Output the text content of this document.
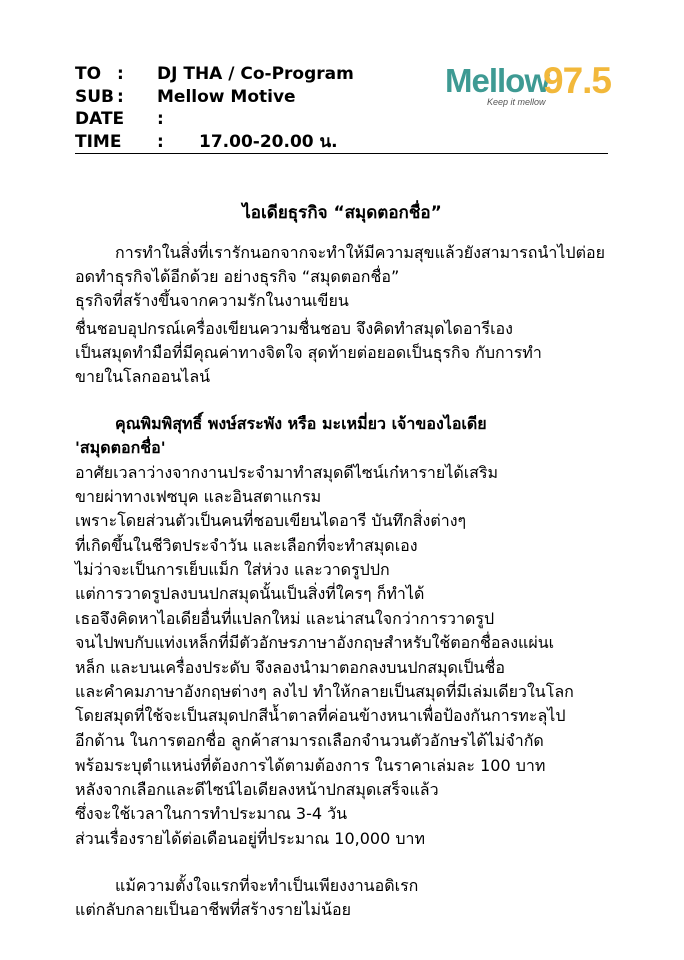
TO : DJ THA / Co-Program
SUB : Mellow Motive
DATE :
TIME : 17.00-20.00 น.
Mellow
97.5
Keep it mellow
ไอเดียธุรกิจ “สมุดตอกชื่อ”
การทำในสิ่งที่เรารักนอกจากจะทำให้มีความสุขแล้วยังสามารถนำไปต่อย
อดทำธุรกิจได้อีกด้วย อย่างธุรกิจ “สมุดตอกชื่อ”
ธุรกิจที่สร้างขึ้นจากความรักในงานเขียน
ชื่นชอบอุปกรณ์เครื่องเขียนความชื่นชอบ จึงคิดทำสมุดไดอารีเอง
เป็นสมุดทำมือที่มีคุณค่าทางจิตใจ สุดท้ายต่อยอดเป็นธุรกิจ กับการทำ
ขายในโลกออนไลน์
คุณพิมพิสุทธิ์ พงษ์สระพัง หรือ มะเหมี่ยว เจ้าของไอเดีย
'สมุดตอกชื่อ'
อาศัยเวลาว่างจากงานประจำมาทำสมุดดีไซน์เก๋หารายได้เสริม
ขายผ่าทางเฟซบุค และอินสตาแกรม
เพราะโดยส่วนตัวเป็นคนที่ชอบเขียนไดอารี บันทึกสิ่งต่างๆ
ที่เกิดขึ้นในชีวิตประจำวัน และเลือกที่จะทำสมุดเอง
ไม่ว่าจะเป็นการเย็บแม็ก ใส่ห่วง และวาดรูปปก
แต่การวาดรูปลงบนปกสมุดนั้นเป็นสิ่งที่ใครๆ ก็ทำได้
เธอจึงคิดหาไอเดียอื่นที่แปลกใหม่ และน่าสนใจกว่าการวาดรูป
จนไปพบกับแท่งเหล็กที่มีตัวอักษรภาษาอังกฤษสำหรับใช้ตอกชื่อลงแผ่นเ
หล็ก และบนเครื่องประดับ จึงลองนำมาตอกลงบนปกสมุดเป็นชื่อ
และคำคมภาษาอังกฤษต่างๆ ลงไป ทำให้กลายเป็นสมุดที่มีเล่มเดียวในโลก
โดยสมุดที่ใช้จะเป็นสมุดปกสีน้ำตาลที่ค่อนข้างหนาเพื่อป้องกันการทะลุไป
อีกด้าน ในการตอกชื่อ ลูกค้าสามารถเลือกจำนวนตัวอักษรได้ไม่จำกัด
พร้อมระบุตำแหน่งที่ต้องการได้ตามต้องการ ในราคาเล่มละ 100 บาท
หลังจากเลือกและดีไซน์ไอเดียลงหน้าปกสมุดเสร็จแล้ว
ซึ่งจะใช้เวลาในการทำประมาณ 3-4 วัน
ส่วนเรื่องรายได้ต่อเดือนอยู่ที่ประมาณ 10,000 บาท
แม้ความตั้งใจแรกที่จะทำเป็นเพียงงานอดิเรก
แต่กลับกลายเป็นอาชีพที่สร้างรายไม่น้อย
